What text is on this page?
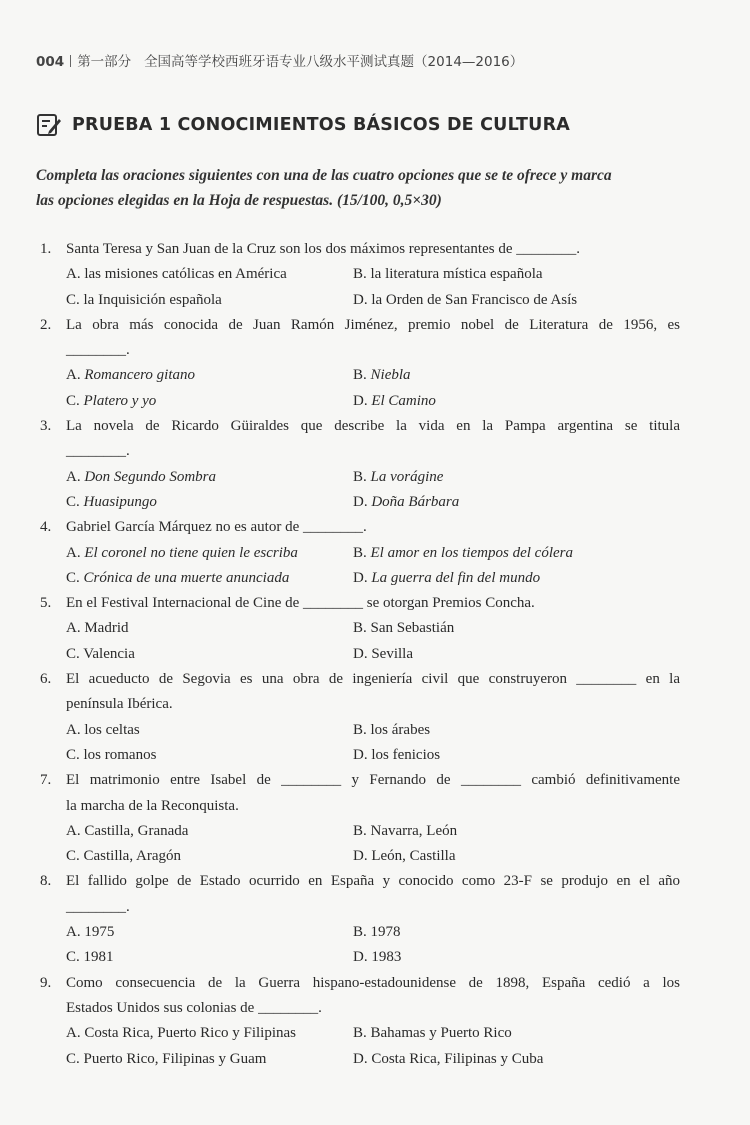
004 第一部分 全国高等学校西班牙语专业八级水平测试真题（2014—2016）
PRUEBA 1 CONOCIMIENTOS BÁSICOS DE CULTURA
Completa las oraciones siguientes con una de las cuatro opciones que se te ofrece y marca
las opciones elegidas en la Hoja de respuestas. (15/100, 0,5×30)
1. Santa Teresa y San Juan de la Cruz son los dos máximos representantes de ________.
A. las misiones católicas en América	B. la literatura mística española
C. la Inquisición española	D. la Orden de San Francisco de Asís
2. La obra más conocida de Juan Ramón Jiménez, premio nobel de Literatura de 1956, es
________.
A. Romancero gitano	B. Niebla
C. Platero y yo	D. El Camino
3. La novela de Ricardo Güiraldes que describe la vida en la Pampa argentina se titula
________.
A. Don Segundo Sombra	B. La vorágine
C. Huasipungo	D. Doña Bárbara
4. Gabriel García Márquez no es autor de ________.
A. El coronel no tiene quien le escriba	B. El amor en los tiempos del cólera
C. Crónica de una muerte anunciada	D. La guerra del fin del mundo
5. En el Festival Internacional de Cine de ________ se otorgan Premios Concha.
A. Madrid	B. San Sebastián
C. Valencia	D. Sevilla
6. El acueducto de Segovia es una obra de ingeniería civil que construyeron ________ en la
península Ibérica.
A. los celtas	B. los árabes
C. los romanos	D. los fenicios
7. El matrimonio entre Isabel de ________ y Fernando de ________ cambió definitivamente
la marcha de la Reconquista.
A. Castilla, Granada	B. Navarra, León
C. Castilla, Aragón	D. León, Castilla
8. El fallido golpe de Estado ocurrido en España y conocido como 23-F se produjo en el año
________.
A. 1975	B. 1978
C. 1981	D. 1983
9. Como consecuencia de la Guerra hispano-estadounidense de 1898, España cedió a los
Estados Unidos sus colonias de ________.
A. Costa Rica, Puerto Rico y Filipinas	B. Bahamas y Puerto Rico
C. Puerto Rico, Filipinas y Guam	D. Costa Rica, Filipinas y Cuba
